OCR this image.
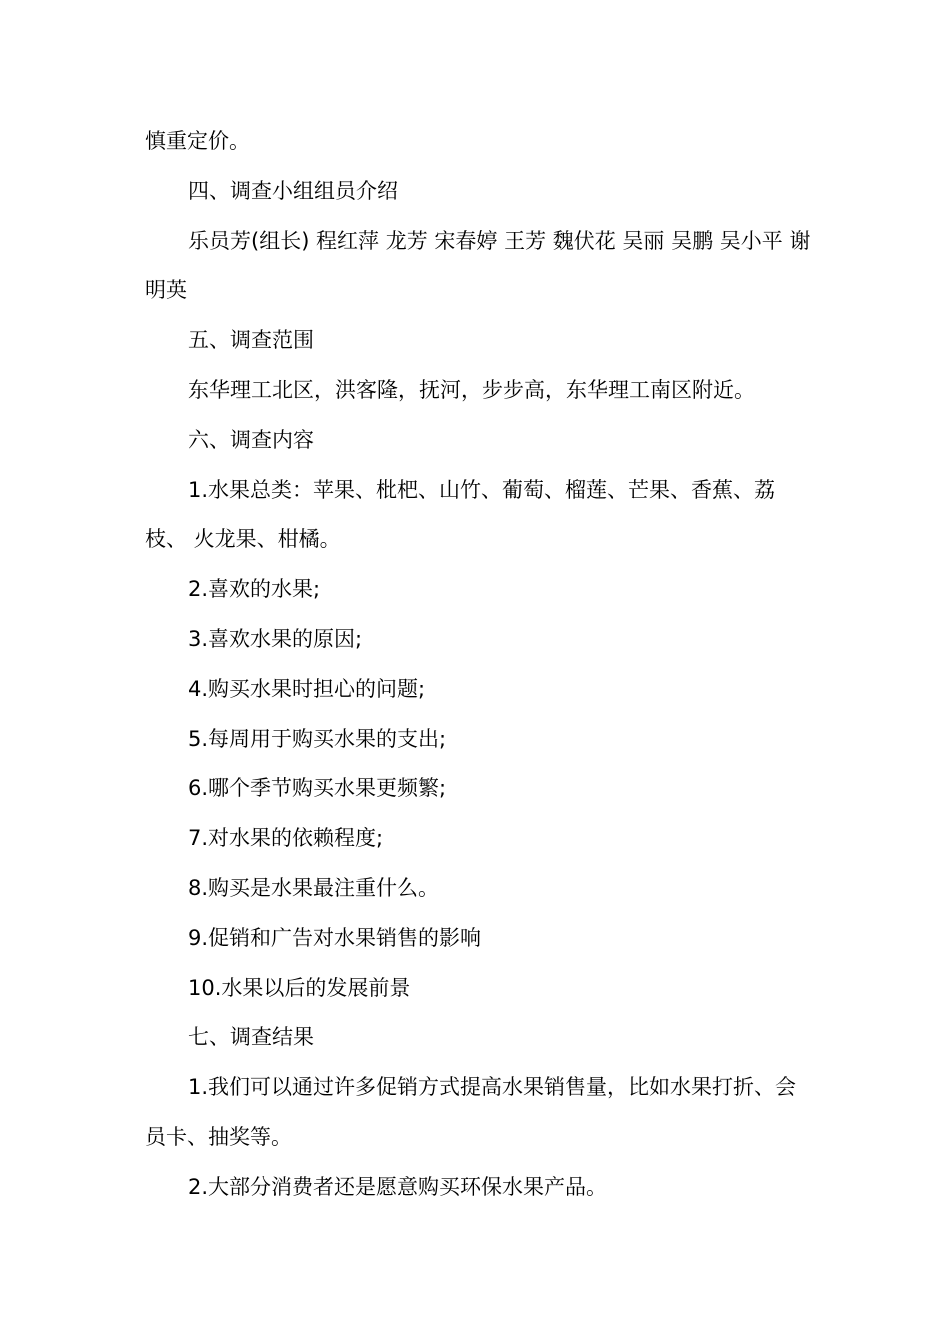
慎重定价。

四、调查小组组员介绍

乐员芳(组长) 程红萍 龙芳 宋春婷 王芳 魏伏花 吴丽 吴鹏 吴小平 谢明英

五、调查范围

东华理工北区，洪客隆，抚河，步步高，东华理工南区附近。

六、调查内容

1.水果总类：苹果、枇杷、山竹、葡萄、榴莲、芒果、香蕉、荔枝、 火龙果、柑橘。

2.喜欢的水果;

3.喜欢水果的原因;

4.购买水果时担心的问题;

5.每周用于购买水果的支出;

6.哪个季节购买水果更频繁;

7.对水果的依赖程度;

8.购买是水果最注重什么。

9.促销和广告对水果销售的影响

10.水果以后的发展前景

七、调查结果

1.我们可以通过许多促销方式提高水果销售量，比如水果打折、会员卡、抽奖等。

2.大部分消费者还是愿意购买环保水果产品。
